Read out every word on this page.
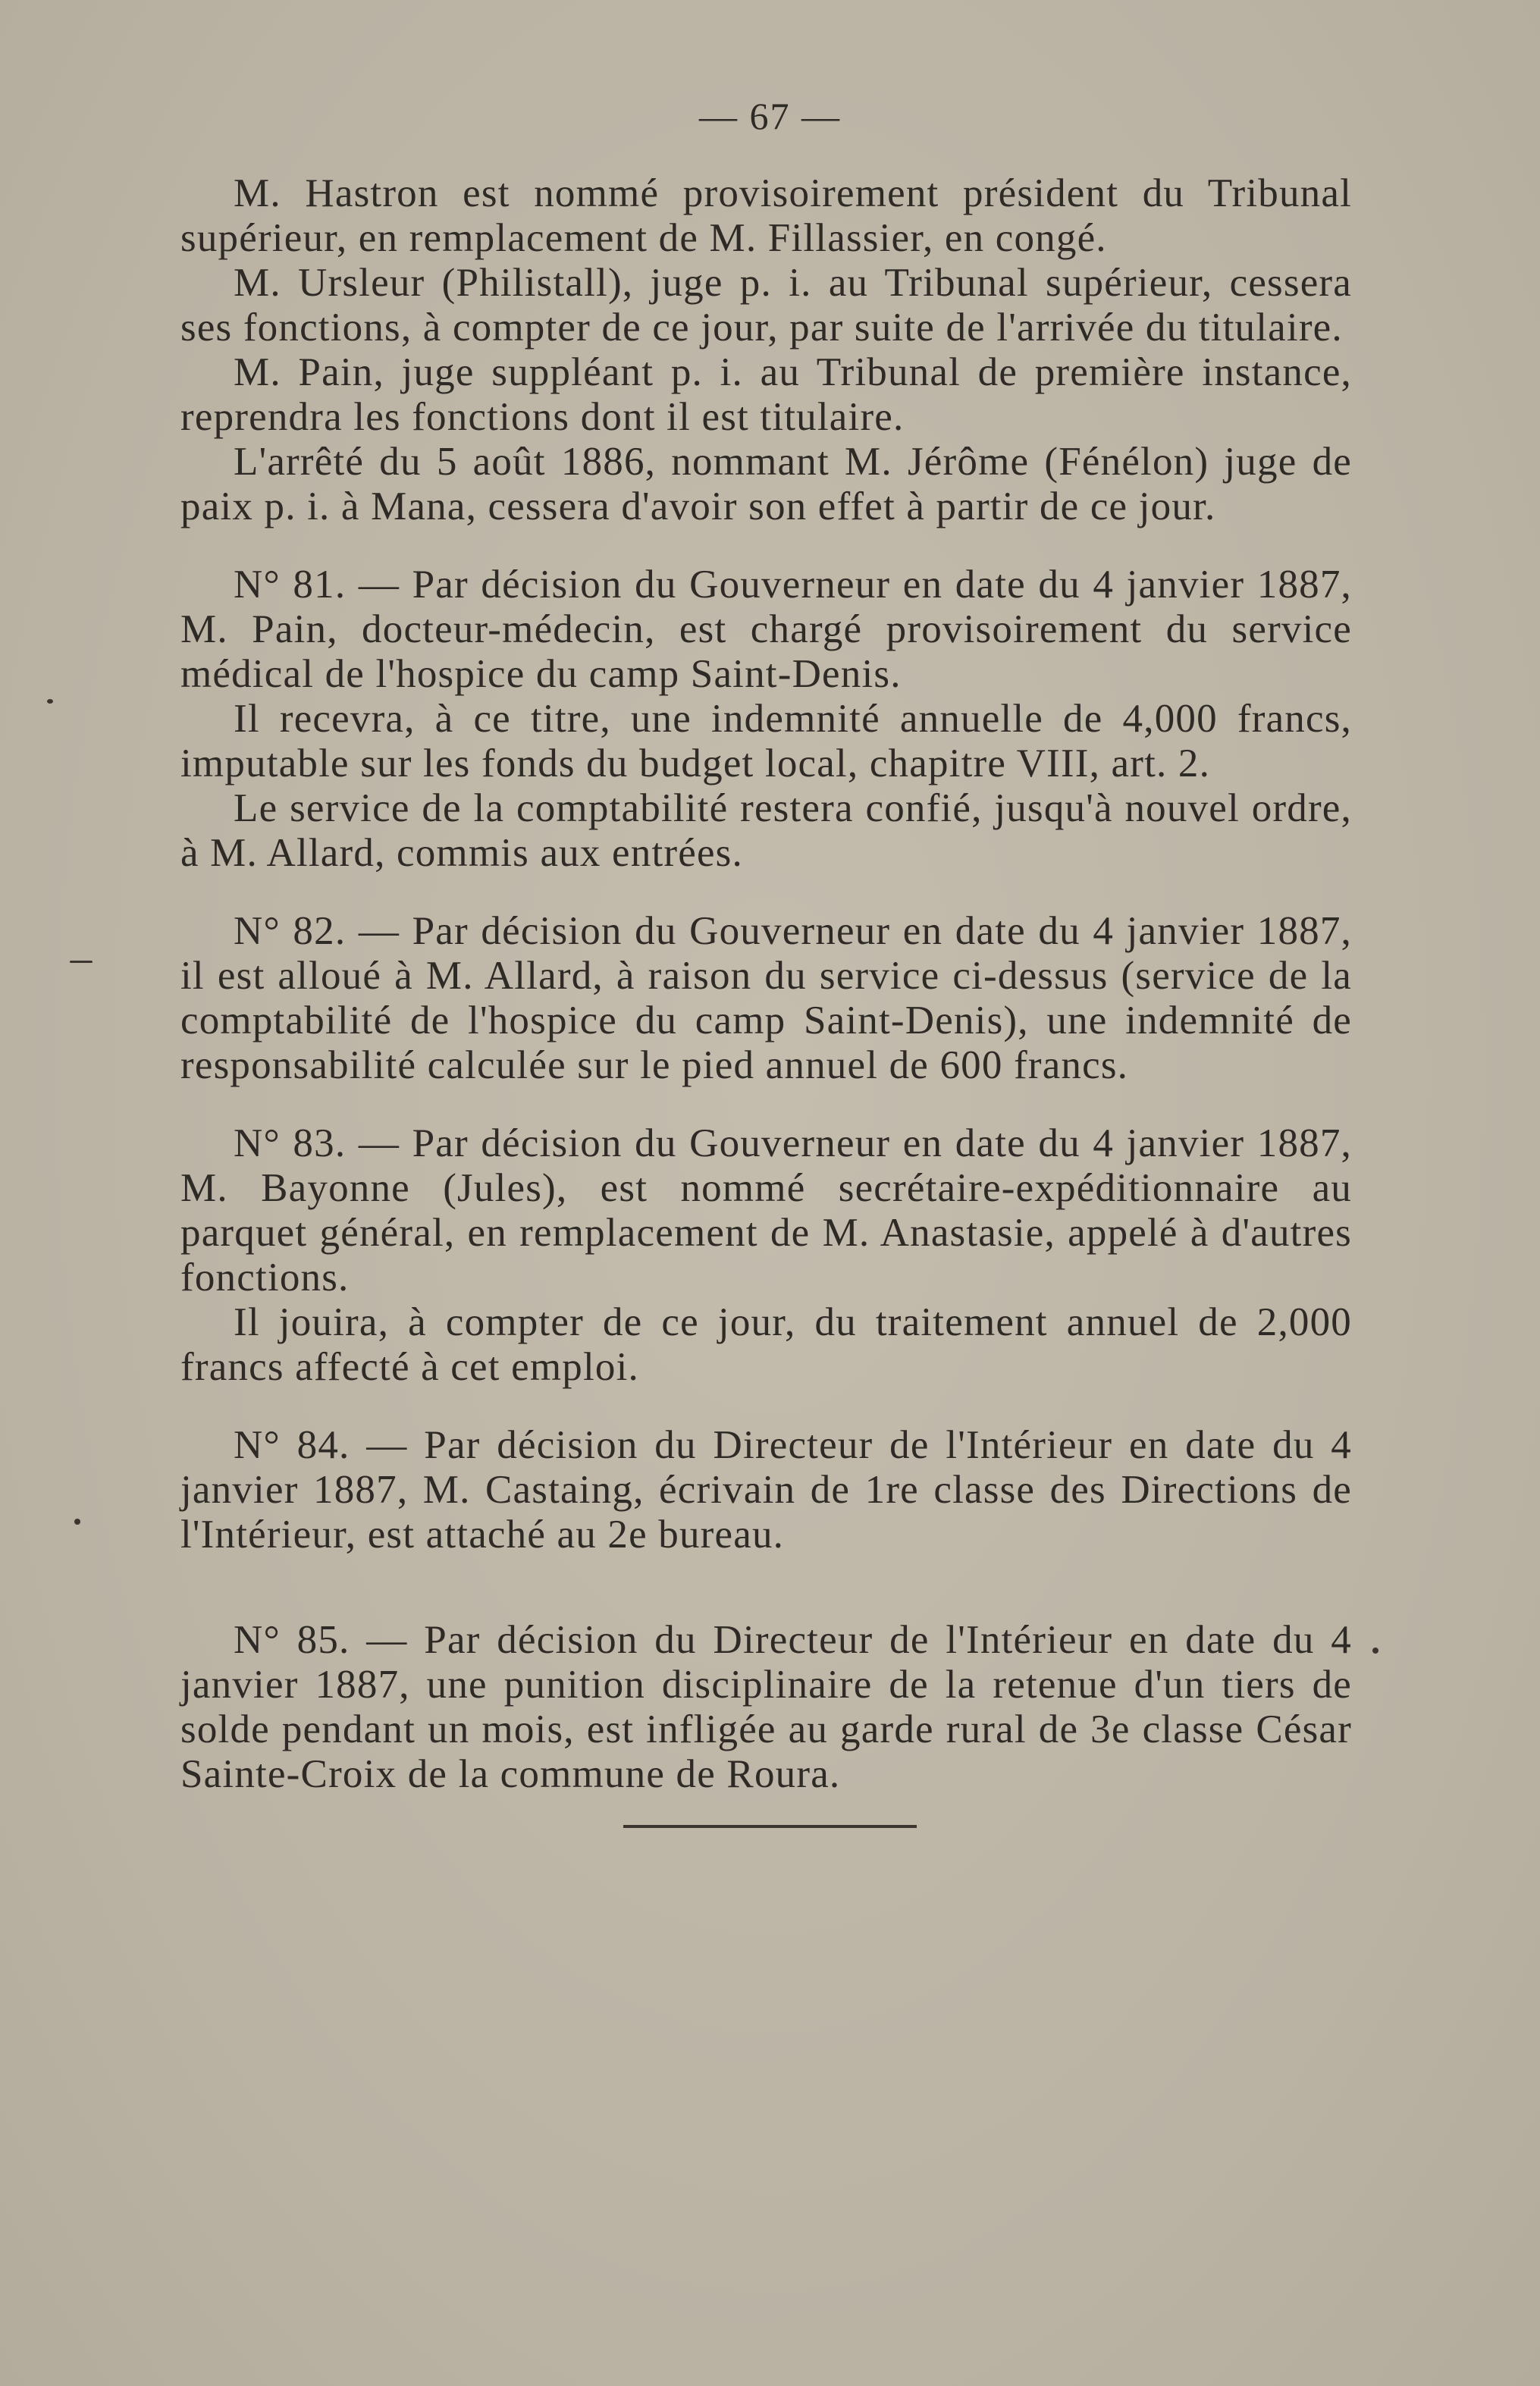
— 67 —

M. Hastron est nommé provisoirement président du Tribunal supérieur, en remplacement de M. Fillassier, en congé.

M. Ursleur (Philistall), juge p. i. au Tribunal supérieur, cessera ses fonctions, à compter de ce jour, par suite de l'arrivée du titulaire.

M. Pain, juge suppléant p. i. au Tribunal de première instance, reprendra les fonctions dont il est titulaire.

L'arrêté du 5 août 1886, nommant M. Jérôme (Fénélon) juge de paix p. i. à Mana, cessera d'avoir son effet à partir de ce jour.

N° 81. — Par décision du Gouverneur en date du 4 janvier 1887, M. Pain, docteur-médecin, est chargé provisoirement du service médical de l'hospice du camp Saint-Denis.

Il recevra, à ce titre, une indemnité annuelle de 4,000 francs, imputable sur les fonds du budget local, chapitre VIII, art. 2.

Le service de la comptabilité restera confié, jusqu'à nouvel ordre, à M. Allard, commis aux entrées.

N° 82. — Par décision du Gouverneur en date du 4 janvier 1887, il est alloué à M. Allard, à raison du service ci-dessus (service de la comptabilité de l'hospice du camp Saint-Denis), une indemnité de responsabilité calculée sur le pied annuel de 600 francs.

N° 83. — Par décision du Gouverneur en date du 4 janvier 1887, M. Bayonne (Jules), est nommé secrétaire-expéditionnaire au parquet général, en remplacement de M. Anastasie, appelé à d'autres fonctions.

Il jouira, à compter de ce jour, du traitement annuel de 2,000 francs affecté à cet emploi.

N° 84. — Par décision du Directeur de l'Intérieur en date du 4 janvier 1887, M. Castaing, écrivain de 1re classe des Directions de l'Intérieur, est attaché au 2e bureau.

N° 85. — Par décision du Directeur de l'Intérieur en date du 4 janvier 1887, une punition disciplinaire de la retenue d'un tiers de solde pendant un mois, est infligée au garde rural de 3e classe César Sainte-Croix de la commune de Roura.
